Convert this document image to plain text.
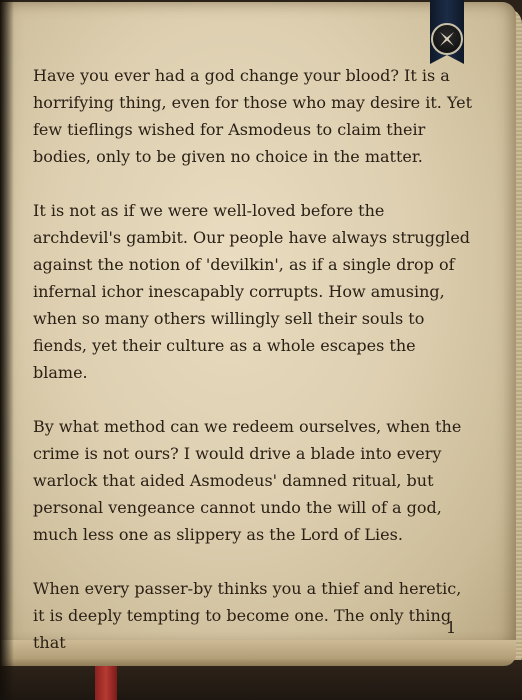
Have you ever had a god change your blood? It is a horrifying thing, even for those who may desire it. Yet few tieflings wished for Asmodeus to claim their bodies, only to be given no choice in the matter.

It is not as if we were well-loved before the archdevil's gambit. Our people have always struggled against the notion of 'devilkin', as if a single drop of infernal ichor inescapably corrupts. How amusing, when so many others willingly sell their souls to fiends, yet their culture as a whole escapes the blame.

By what method can we redeem ourselves, when the crime is not ours? I would drive a blade into every warlock that aided Asmodeus' damned ritual, but personal vengeance cannot undo the will of a god, much less one as slippery as the Lord of Lies.

When every passer-by thinks you a thief and heretic, it is deeply tempting to become one. The only thing that

1
